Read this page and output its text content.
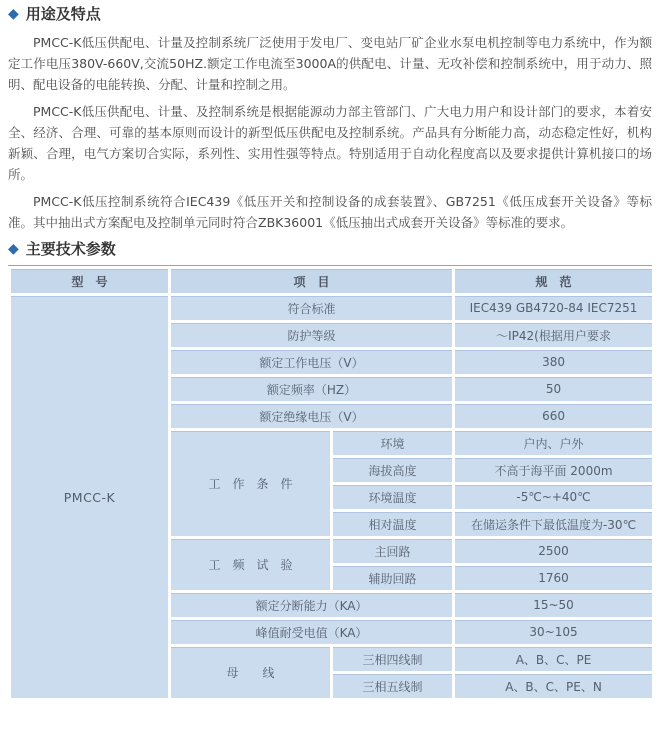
◆ 用途及特点

PMCC-K低压供配电、计量及控制系统厂泛使用于发电厂、变电站厂矿企业水泵电机控制等电力系统中，作为额定工作电压380V-660V,交流50HZ.额定工作电流至3000A的供配电、计量、无攻补偿和控制系统中，用于动力、照明、配电设备的电能转换、分配、计量和控制之用。

PMCC-K低压供配电、计量、及控制系统是根据能源动力部主管部门、广大电力用户和设计部门的要求，本着安全、经济、合理、可靠的基本原则而设计的新型低压供配电及控制系统。产品具有分断能力高，动态稳定性好，机构新颖、合理，电气方案切合实际，系列性、实用性强等特点。特别适用于自动化程度高以及要求提供计算机接口的场所。

PMCC-K低压控制系统符合IEC439《低压开关和控制设备的成套装置》、GB7251《低压成套开关设备》等标准。其中抽出式方案配电及控制单元同时符合ZBK36001《低压抽出式成套开关设备》等标准的要求。

◆ 主要技术参数
型　号	项　目		规　范
PMCC-K	符合标准		IEC439 GB4720-84 IEC7251
	防护等级		～IP42(根据用户要求
	额定工作电压（V）		380
	额定频率（HZ）		50
	额定绝缘电压（V）		660
	工　作　条　件	环境	户内、户外
		海拔高度	不高于海平面 2000m
		环境温度	-5℃~+40℃
		相对温度	在储运条件下最低温度为-30℃
	工　频　试　验	主回路	2500
		辅助回路	1760
	额定分断能力（KA）		15~50
	峰值耐受电值（KA）		30~105
	母　　线	三相四线制	A、B、C、PE
		三相五线制	A、B、C、PE、N
